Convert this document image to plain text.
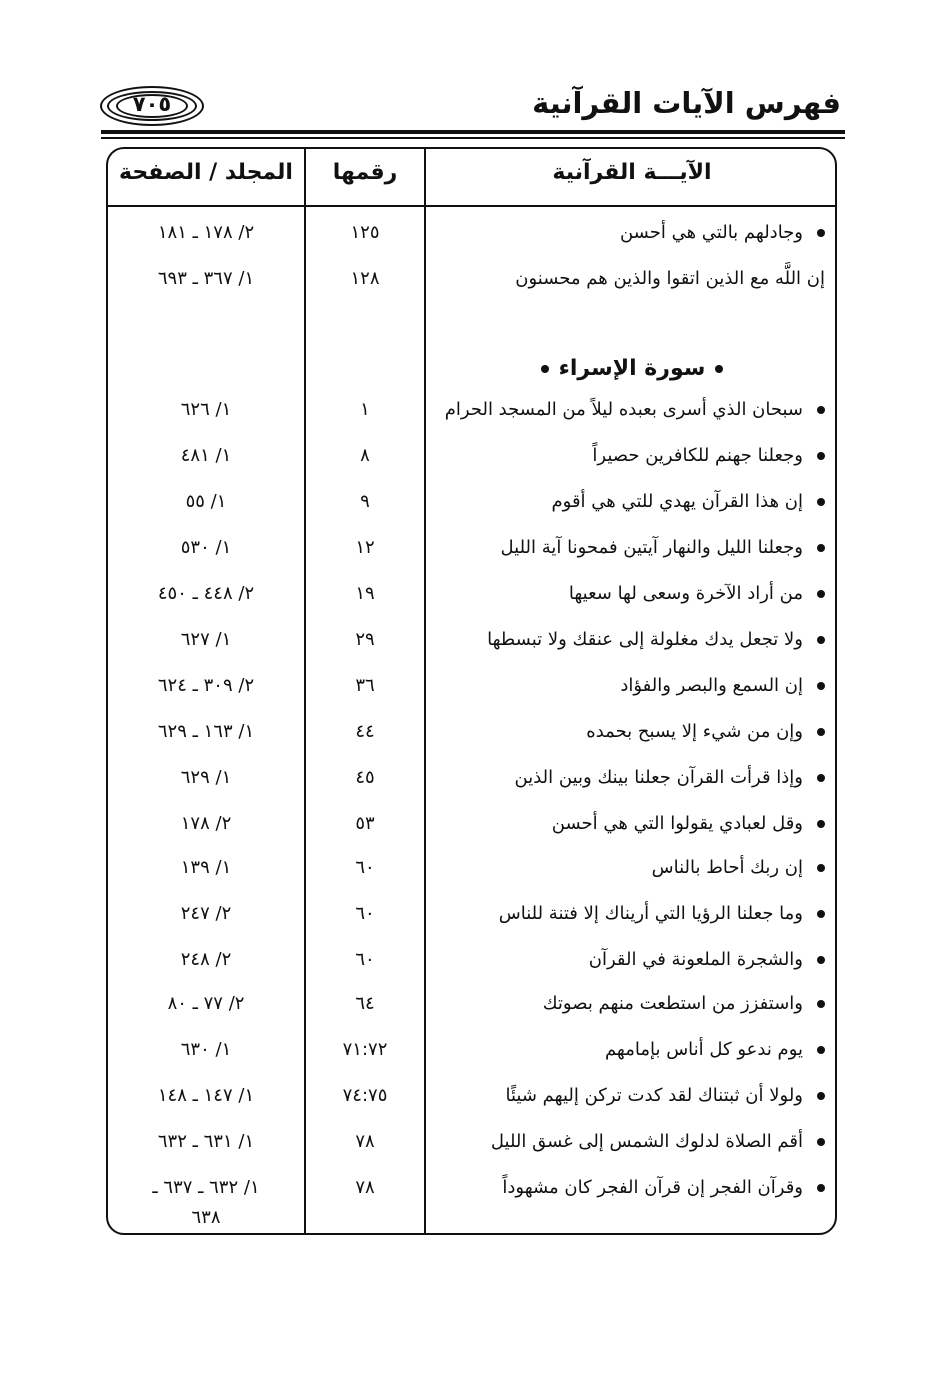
فهرس الآيات القرآنية
٧٠٥
الآيـــة القرآنية
رقمها
المجلد / الصفحة
وجادلهم بالتي هي أحسن
١٢٥
٢/ ١٧٨ ـ ١٨١
إن اللَّه مع الذين اتقوا والذين هم محسنون
١٢٨
١/ ٣٦٧ ـ ٦٩٣
سورة الإسراء
سبحان الذي أسرى بعبده ليلاً من المسجد الحرام
١
١/ ٦٢٦
وجعلنا جهنم للكافرين حصيراً
٨
١/ ٤٨١
إن هذا القرآن يهدي للتي هي أقوم
٩
١/ ٥٥
وجعلنا الليل والنهار آيتين فمحونا آية الليل
١٢
١/ ٥٣٠
من أراد الآخرة وسعى لها سعيها
١٩
٢/ ٤٤٨ ـ ٤٥٠
ولا تجعل يدك مغلولة إلى عنقك ولا تبسطها
٢٩
١/ ٦٢٧
إن السمع والبصر والفؤاد
٣٦
٢/ ٣٠٩ ـ ٦٢٤
وإن من شيء إلا يسبح بحمده
٤٤
١/ ١٦٣ ـ ٦٢٩
وإذا قرأت القرآن جعلنا بينك وبين الذين
٤٥
١/ ٦٢٩
وقل لعبادي يقولوا التي هي أحسن
٥٣
٢/ ١٧٨
إن ربك أحاط بالناس
٦٠
١/ ١٣٩
وما جعلنا الرؤيا التي أريناك إلا فتنة للناس
٦٠
٢/ ٢٤٧
والشجرة الملعونة في القرآن
٦٠
٢/ ٢٤٨
واستفزز من استطعت منهم بصوتك
٦٤
٢/ ٧٧ ـ ٨٠
يوم ندعو كل أناس بإمامهم
٧١:٧٢
١/ ٦٣٠
ولولا أن ثبتناك لقد كدت تركن إليهم شيئًا
٧٤:٧٥
١/ ١٤٧ ـ ١٤٨
أقم الصلاة لدلوك الشمس إلى غسق الليل
٧٨
١/ ٦٣١ ـ ٦٣٢
وقرآن الفجر إن قرآن الفجر كان مشهوداً
٧٨
١/ ٦٣٢ ـ ٦٣٧ ـ
٦٣٨
